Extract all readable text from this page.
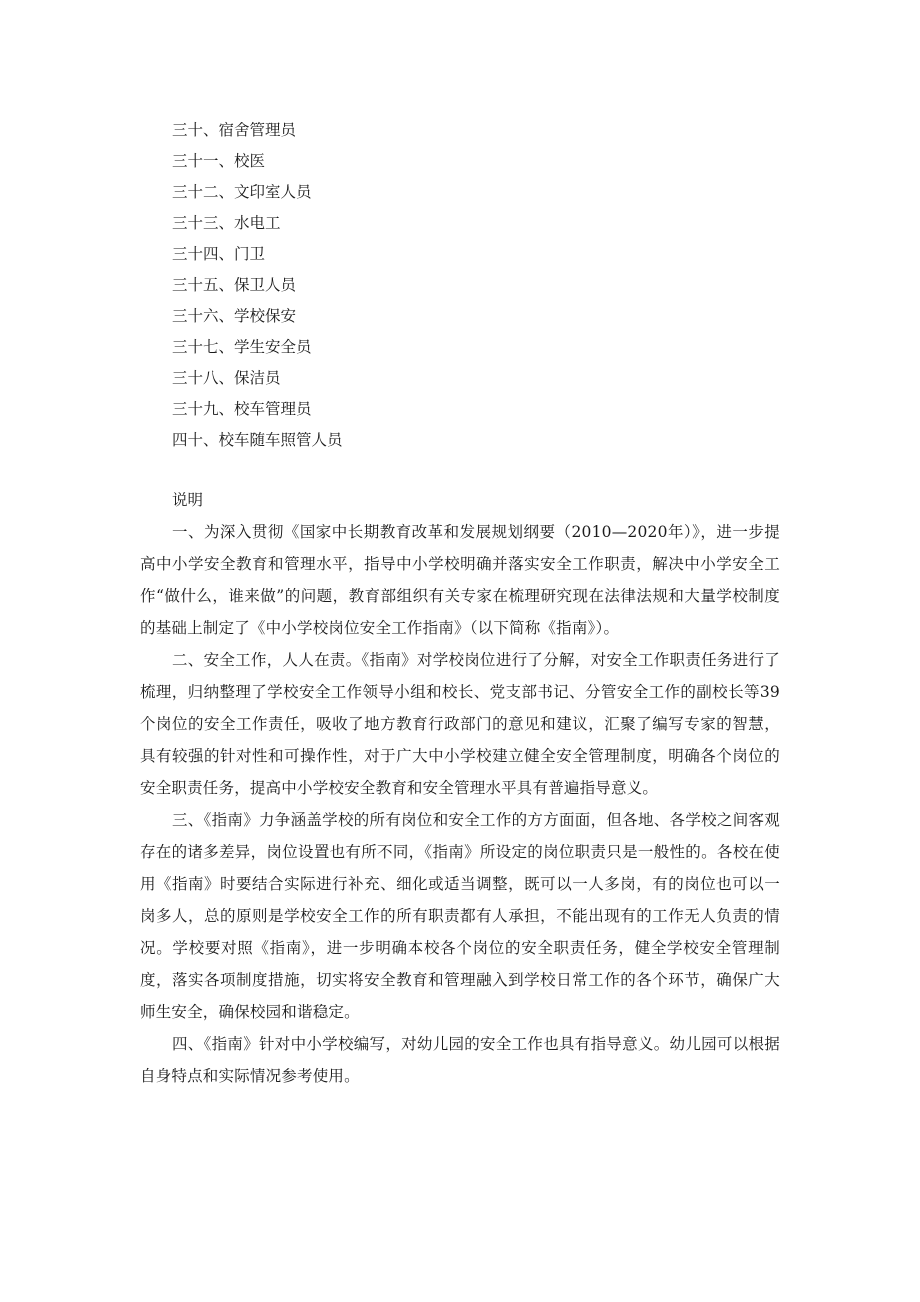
三十、宿舍管理员
三十一、校医
三十二、文印室人员
三十三、水电工
三十四、门卫
三十五、保卫人员
三十六、学校保安
三十七、学生安全员
三十八、保洁员
三十九、校车管理员
四十、校车随车照管人员
说明

一、为深入贯彻《国家中长期教育改革和发展规划纲要（2010—2020年）》，进一步提高中小学安全教育和管理水平，指导中小学校明确并落实安全工作职责，解决中小学安全工作“做什么，谁来做”的问题，教育部组织有关专家在梳理研究现在法律法规和大量学校制度的基础上制定了《中小学校岗位安全工作指南》（以下简称《指南》）。

二、安全工作，人人在责。《指南》对学校岗位进行了分解，对安全工作职责任务进行了梳理，归纳整理了学校安全工作领导小组和校长、党支部书记、分管安全工作的副校长等39个岗位的安全工作责任，吸收了地方教育行政部门的意见和建议，汇聚了编写专家的智慧，具有较强的针对性和可操作性，对于广大中小学校建立健全安全管理制度，明确各个岗位的安全职责任务，提高中小学校安全教育和安全管理水平具有普遍指导意义。

三、《指南》力争涵盖学校的所有岗位和安全工作的方方面面，但各地、各学校之间客观存在的诸多差异，岗位设置也有所不同，《指南》所设定的岗位职责只是一般性的。各校在使用《指南》时要结合实际进行补充、细化或适当调整，既可以一人多岗，有的岗位也可以一岗多人，总的原则是学校安全工作的所有职责都有人承担，不能出现有的工作无人负责的情况。学校要对照《指南》，进一步明确本校各个岗位的安全职责任务，健全学校安全管理制度，落实各项制度措施，切实将安全教育和管理融入到学校日常工作的各个环节，确保广大师生安全，确保校园和谐稳定。

四、《指南》针对中小学校编写，对幼儿园的安全工作也具有指导意义。幼儿园可以根据自身特点和实际情况参考使用。
